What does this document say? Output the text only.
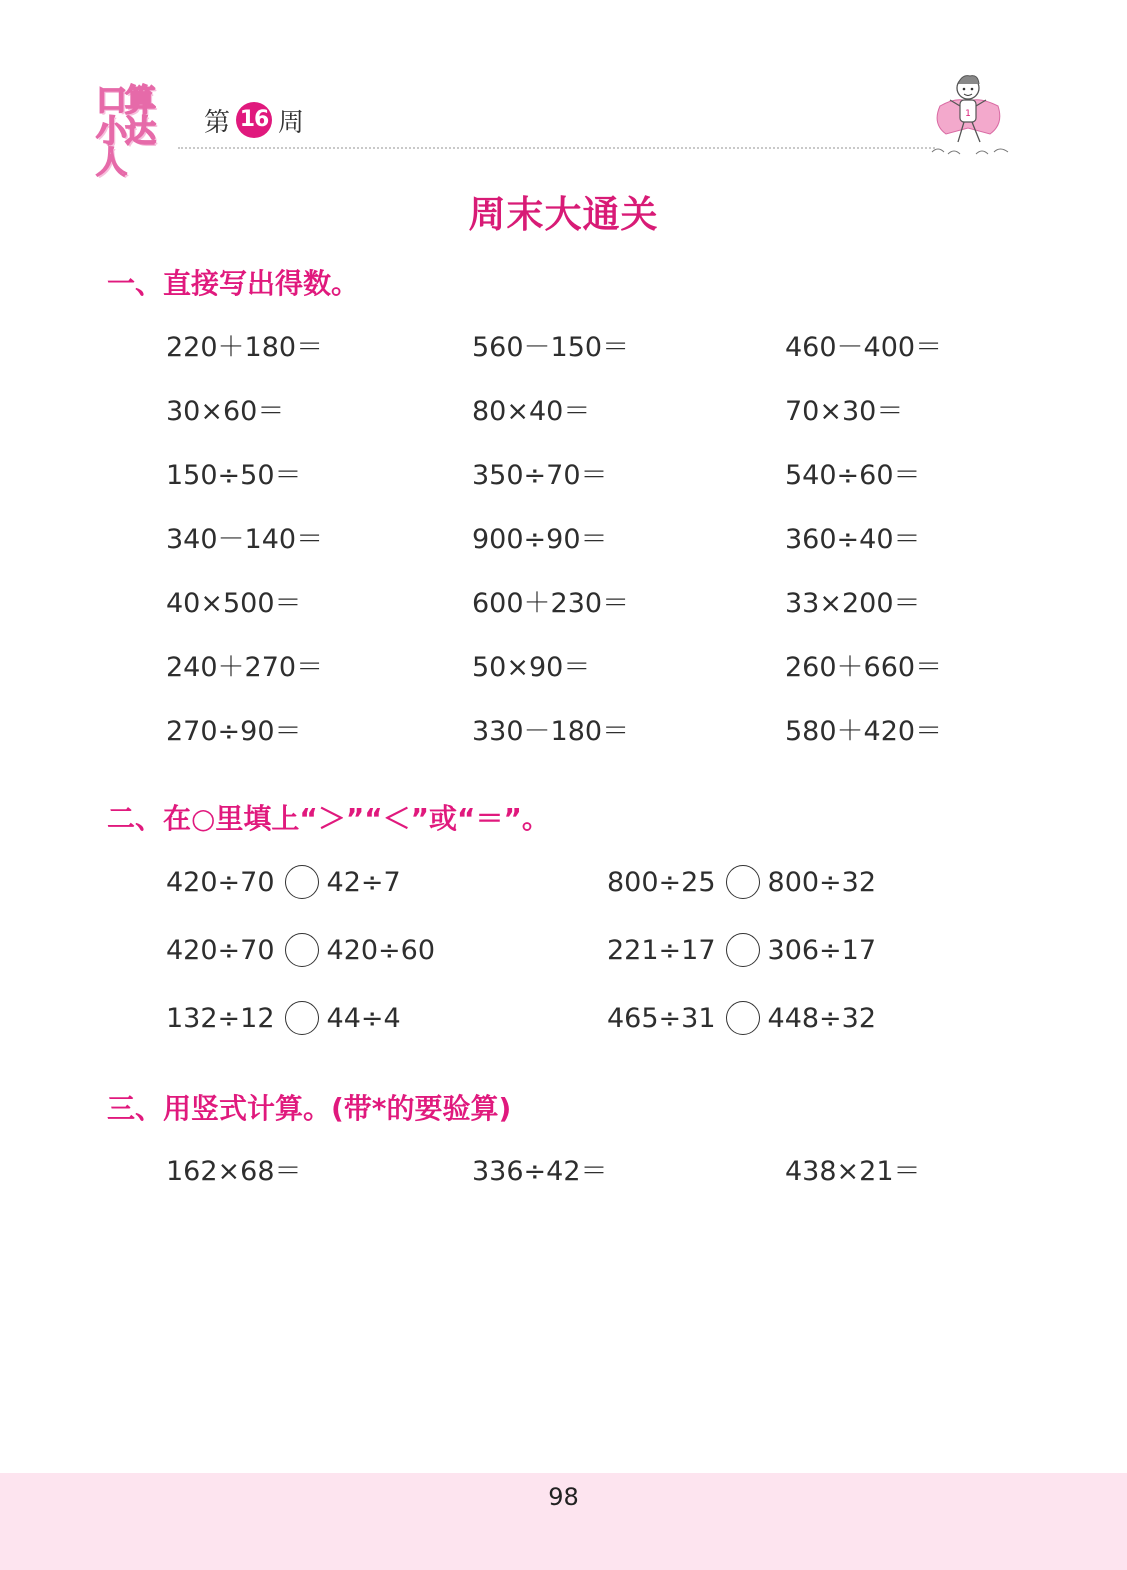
口算
小达人
第 16 周	1
周末大通关
一、直接写出得数。
220＋180＝	560－150＝	460－400＝
30×60＝	80×40＝	70×30＝
150÷50＝	350÷70＝	540÷60＝
340－140＝	900÷90＝	360÷40＝
40×500＝	600＋230＝	33×200＝
240＋270＝	50×90＝	260＋660＝
270÷90＝	330－180＝	580＋420＝
二、在○里填上“＞”“＜”或“＝”。
420÷70 42÷7	800÷25 800÷32
420÷70 420÷60	221÷17 306÷17
132÷12 44÷4	465÷31 448÷32
三、用竖式计算。(带*的要验算)
162×68＝	336÷42＝	438×21＝
98
